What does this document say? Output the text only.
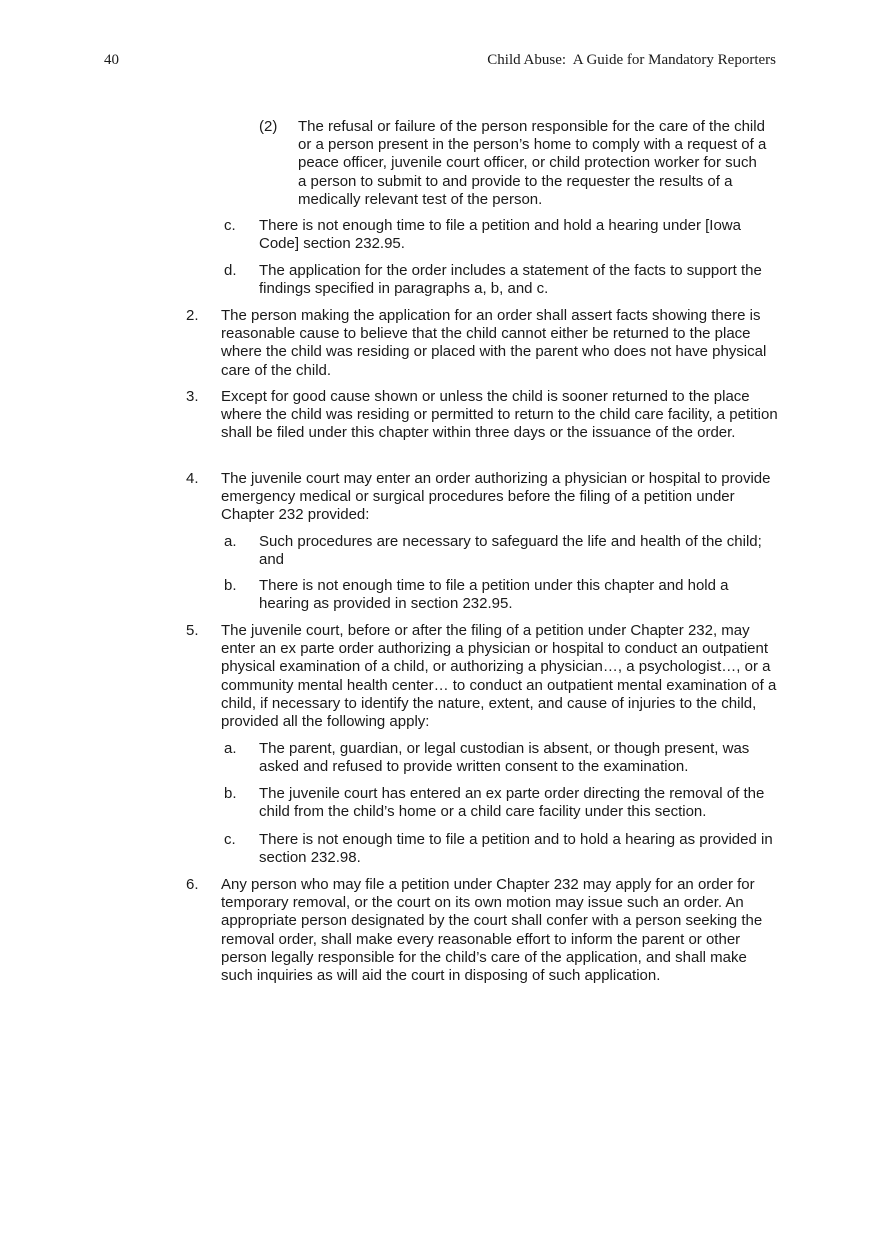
40	Child Abuse:  A Guide for Mandatory Reporters
(2) The refusal or failure of the person responsible for the care of the child or a person present in the person’s home to comply with a request of a peace officer, juvenile court officer, or child protection worker for such a person to submit to and provide to the requester the results of a medically relevant test of the person.
c. There is not enough time to file a petition and hold a hearing under [Iowa Code] section 232.95.
d. The application for the order includes a statement of the facts to support the findings specified in paragraphs a, b, and c.
2. The person making the application for an order shall assert facts showing there is reasonable cause to believe that the child cannot either be returned to the place where the child was residing or placed with the parent who does not have physical care of the child.
3. Except for good cause shown or unless the child is sooner returned to the place where the child was residing or permitted to return to the child care facility, a petition shall be filed under this chapter within three days or the issuance of the order.
4. The juvenile court may enter an order authorizing a physician or hospital to provide emergency medical or surgical procedures before the filing of a petition under Chapter 232 provided:
a. Such procedures are necessary to safeguard the life and health of the child; and
b. There is not enough time to file a petition under this chapter and hold a hearing as provided in section 232.95.
5. The juvenile court, before or after the filing of a petition under Chapter 232, may enter an ex parte order authorizing a physician or hospital to conduct an outpatient physical examination of a child, or authorizing a physician…, a psychologist…, or a community mental health center… to conduct an outpatient mental examination of a child, if necessary to identify the nature, extent, and cause of injuries to the child, provided all the following apply:
a. The parent, guardian, or legal custodian is absent, or though present, was asked and refused to provide written consent to the examination.
b. The juvenile court has entered an ex parte order directing the removal of the child from the child’s home or a child care facility under this section.
c. There is not enough time to file a petition and to hold a hearing as provided in section 232.98.
6. Any person who may file a petition under Chapter 232 may apply for an order for temporary removal, or the court on its own motion may issue such an order. An appropriate person designated by the court shall confer with a person seeking the removal order, shall make every reasonable effort to inform the parent or other person legally responsible for the child’s care of the application, and shall make such inquiries as will aid the court in disposing of such application.
